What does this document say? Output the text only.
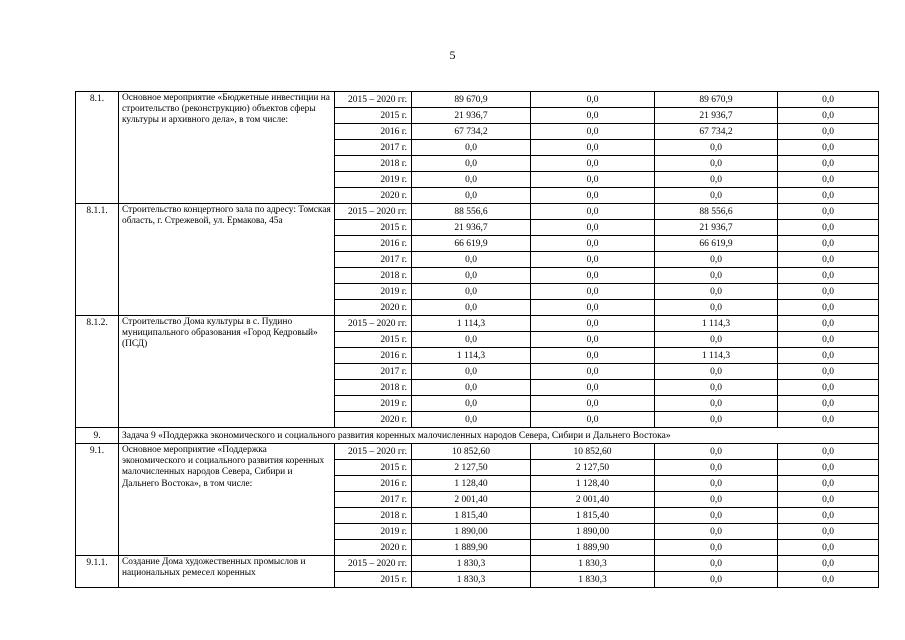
5
8.1.	Основное мероприятие «Бюджетные инвестиции на строительство (реконструкцию) объектов сферы культуры и архивного дела», в том числе:	2015 – 2020 гг.	89 670,9	0,0	89 670,9	0,0
		2015 г.	21 936,7	0,0	21 936,7	0,0
		2016 г.	67 734,2	0,0	67 734,2	0,0
		2017 г.	0,0	0,0	0,0	0,0
		2018 г.	0,0	0,0	0,0	0,0
		2019 г.	0,0	0,0	0,0	0,0
		2020 г.	0,0	0,0	0,0	0,0
8.1.1.	Строительство концертного зала по адресу: Томская область, г. Стрежевой, ул. Ермакова, 45а	2015 – 2020 гг.	88 556,6	0,0	88 556,6	0,0
		2015 г.	21 936,7	0,0	21 936,7	0,0
		2016 г.	66 619,9	0,0	66 619,9	0,0
		2017 г.	0,0	0,0	0,0	0,0
		2018 г.	0,0	0,0	0,0	0,0
		2019 г.	0,0	0,0	0,0	0,0
		2020 г.	0,0	0,0	0,0	0,0
8.1.2.	Строительство Дома культуры в с. Пудино муниципального образования «Город Кедровый» (ПСД)	2015 – 2020 гг.	1 114,3	0,0	1 114,3	0,0
		2015 г.	0,0	0,0	0,0	0,0
		2016 г.	1 114,3	0,0	1 114,3	0,0
		2017 г.	0,0	0,0	0,0	0,0
		2018 г.	0,0	0,0	0,0	0,0
		2019 г.	0,0	0,0	0,0	0,0
		2020 г.	0,0	0,0	0,0	0,0
9.	Задача 9 «Поддержка экономического и социального развития коренных малочисленных народов Севера, Сибири и Дальнего Востока»					
9.1.	Основное мероприятие «Поддержка экономического и социального развития коренных малочисленных народов Севера, Сибири и Дальнего Востока», в том числе:	2015 – 2020 гг.	10 852,60	10 852,60	0,0	0,0
		2015 г.	2 127,50	2 127,50	0,0	0,0
		2016 г.	1 128,40	1 128,40	0,0	0,0
		2017 г.	2 001,40	2 001,40	0,0	0,0
		2018 г.	1 815,40	1 815,40	0,0	0,0
		2019 г.	1 890,00	1 890,00	0,0	0,0
		2020 г.	1 889,90	1 889,90	0,0	0,0
9.1.1.	Создание Дома художественных промыслов и национальных ремесел коренных	2015 – 2020 гг.	1 830,3	1 830,3	0,0	0,0
		2015 г.	1 830,3	1 830,3	0,0	0,0
